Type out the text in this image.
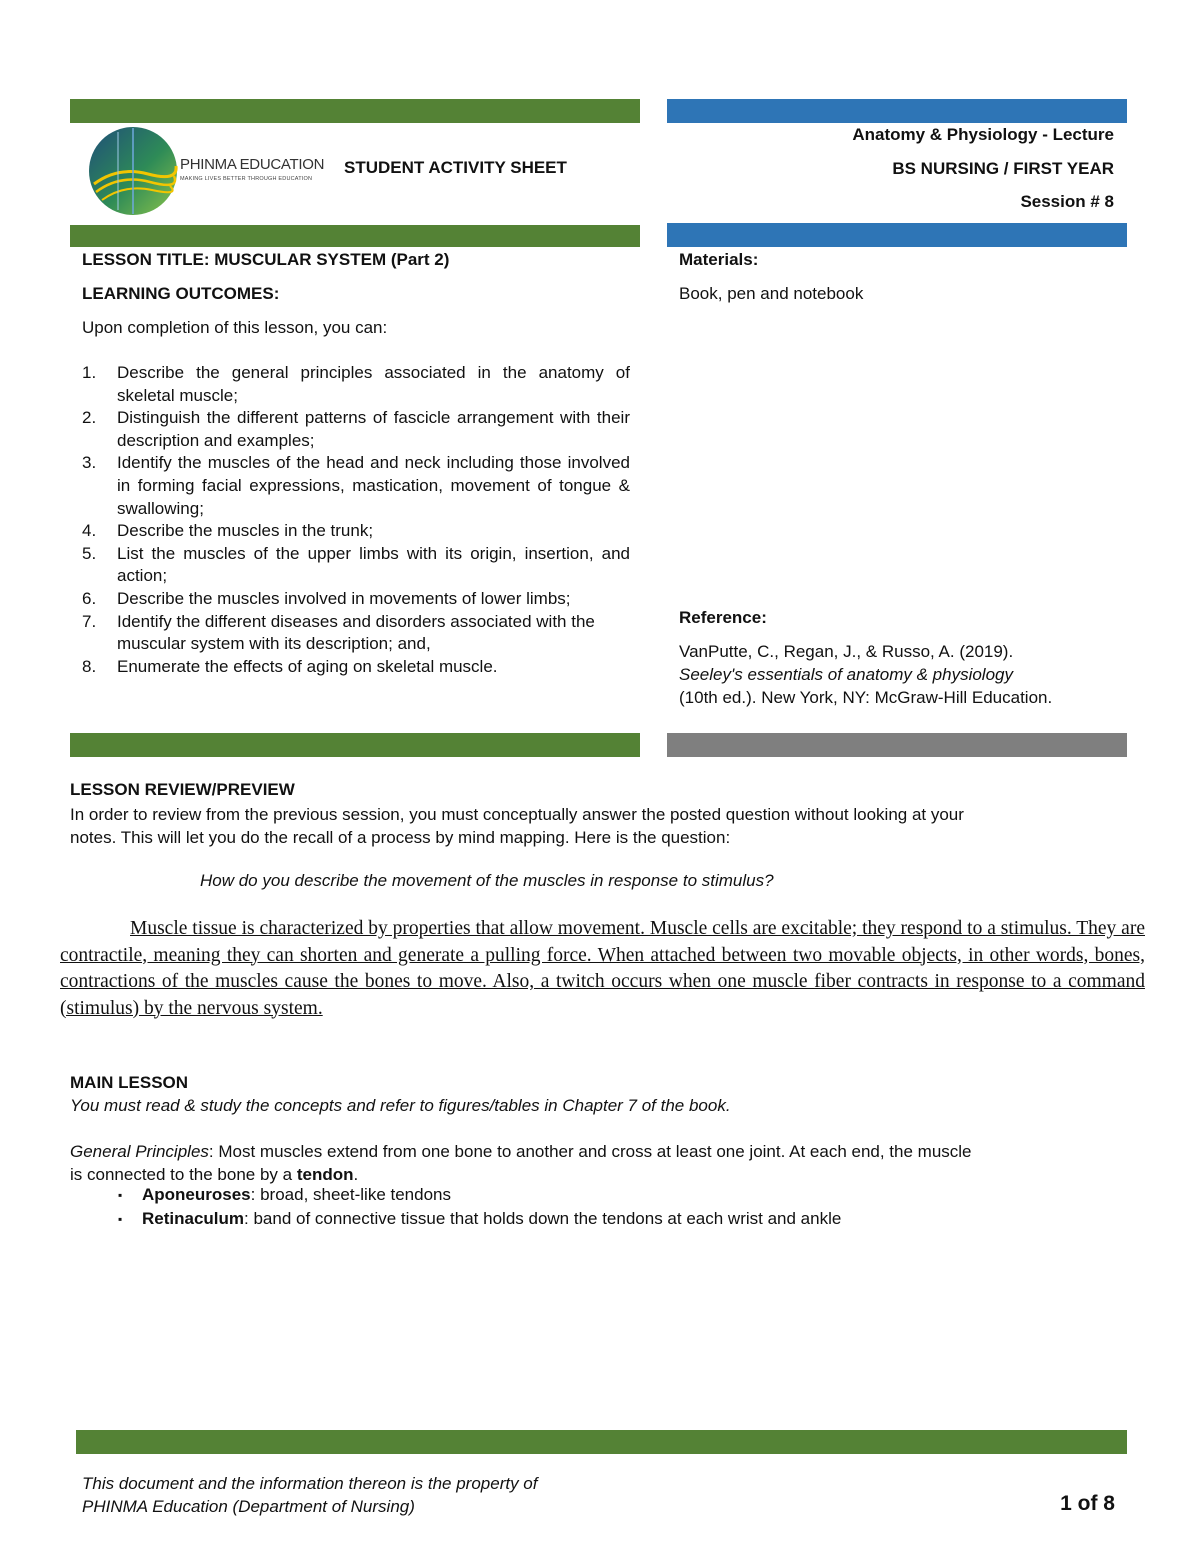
PHINMA EDUCATION
MAKING LIVES BETTER THROUGH EDUCATION
STUDENT ACTIVITY SHEET
Anatomy & Physiology - Lecture
BS NURSING / FIRST YEAR
Session # 8
LESSON TITLE: MUSCULAR SYSTEM (Part 2)
LEARNING OUTCOMES:
Upon completion of this lesson, you can:
1.	Describe the general principles associated in the anatomy of skeletal muscle;
2.	Distinguish the different patterns of fascicle arrangement with their description and examples;
3.	Identify the muscles of the head and neck including those involved in forming facial expressions, mastication, movement of tongue & swallowing;
4.	Describe the muscles in the trunk;
5.	List the muscles of the upper limbs with its origin, insertion, and action;
6.	Describe the muscles involved in movements of lower limbs;
7.	Identify the different diseases and disorders associated with the muscular system with its description; and,
8.	Enumerate the effects of aging on skeletal muscle.
Materials:
Book, pen and notebook
Reference:
VanPutte, C., Regan, J., & Russo, A. (2019).
Seeley's essentials of anatomy & physiology
(10th ed.). New York, NY: McGraw-Hill Education.
LESSON REVIEW/PREVIEW
In order to review from the previous session, you must conceptually answer the posted question without looking at your notes. This will let you do the recall of a process by mind mapping. Here is the question:
How do you describe the movement of the muscles in response to stimulus?
Muscle tissue is characterized by properties that allow movement. Muscle cells are excitable; they respond to a stimulus. They are contractile, meaning they can shorten and generate a pulling force. When attached between two movable objects, in other words, bones, contractions of the muscles cause the bones to move. Also, a twitch occurs when one muscle fiber contracts in response to a command (stimulus) by the nervous system.
MAIN LESSON
You must read & study the concepts and refer to figures/tables in Chapter 7 of the book.
General Principles: Most muscles extend from one bone to another and cross at least one joint. At each end, the muscle is connected to the bone by a tendon.
▪	Aponeuroses: broad, sheet-like tendons
▪	Retinaculum: band of connective tissue that holds down the tendons at each wrist and ankle
This document and the information thereon is the property of
PHINMA Education (Department of Nursing)	1 of 8
